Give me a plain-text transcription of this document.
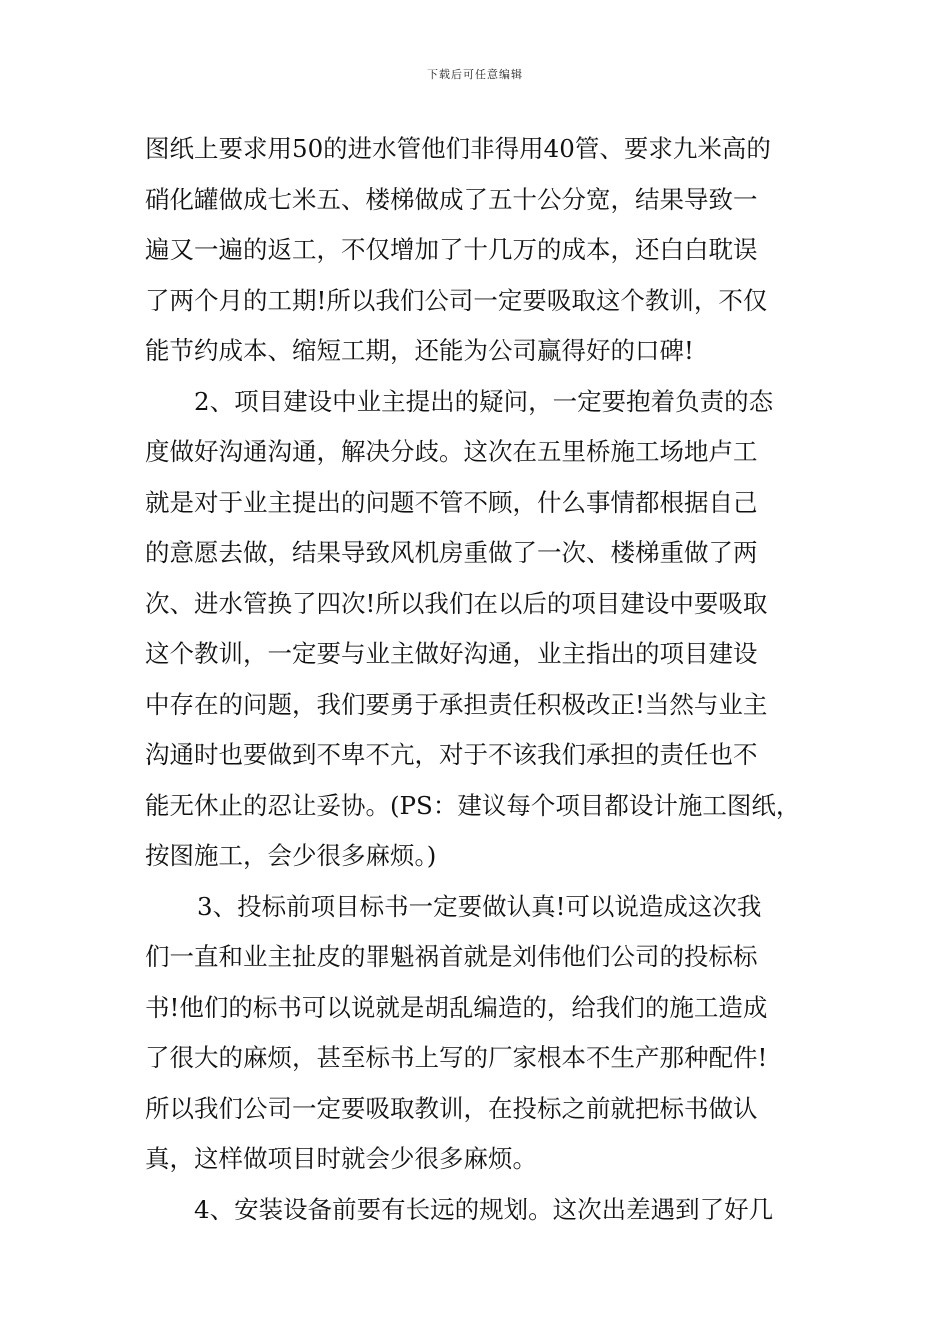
下载后可任意编辑
图纸上要求用50的进水管他们非得用40管、要求九米高的
硝化罐做成七米五、楼梯做成了五十公分宽，结果导致一
遍又一遍的返工，不仅增加了十几万的成本，还白白耽误
了两个月的工期!所以我们公司一定要吸取这个教训，不仅
能节约成本、缩短工期，还能为公司赢得好的口碑!
2、项目建设中业主提出的疑问，一定要抱着负责的态
度做好沟通沟通，解决分歧。这次在五里桥施工场地卢工
就是对于业主提出的问题不管不顾，什么事情都根据自己
的意愿去做，结果导致风机房重做了一次、楼梯重做了两
次、进水管换了四次!所以我们在以后的项目建设中要吸取
这个教训，一定要与业主做好沟通，业主指出的项目建设
中存在的问题，我们要勇于承担责任积极改正!当然与业主
沟通时也要做到不卑不亢，对于不该我们承担的责任也不
能无休止的忍让妥协。(PS：建议每个项目都设计施工图纸，
按图施工，会少很多麻烦。)
3、投标前项目标书一定要做认真!可以说造成这次我
们一直和业主扯皮的罪魁祸首就是刘伟他们公司的投标标
书!他们的标书可以说就是胡乱编造的，给我们的施工造成
了很大的麻烦，甚至标书上写的厂家根本不生产那种配件!
所以我们公司一定要吸取教训，在投标之前就把标书做认
真，这样做项目时就会少很多麻烦。
4、安装设备前要有长远的规划。这次出差遇到了好几
